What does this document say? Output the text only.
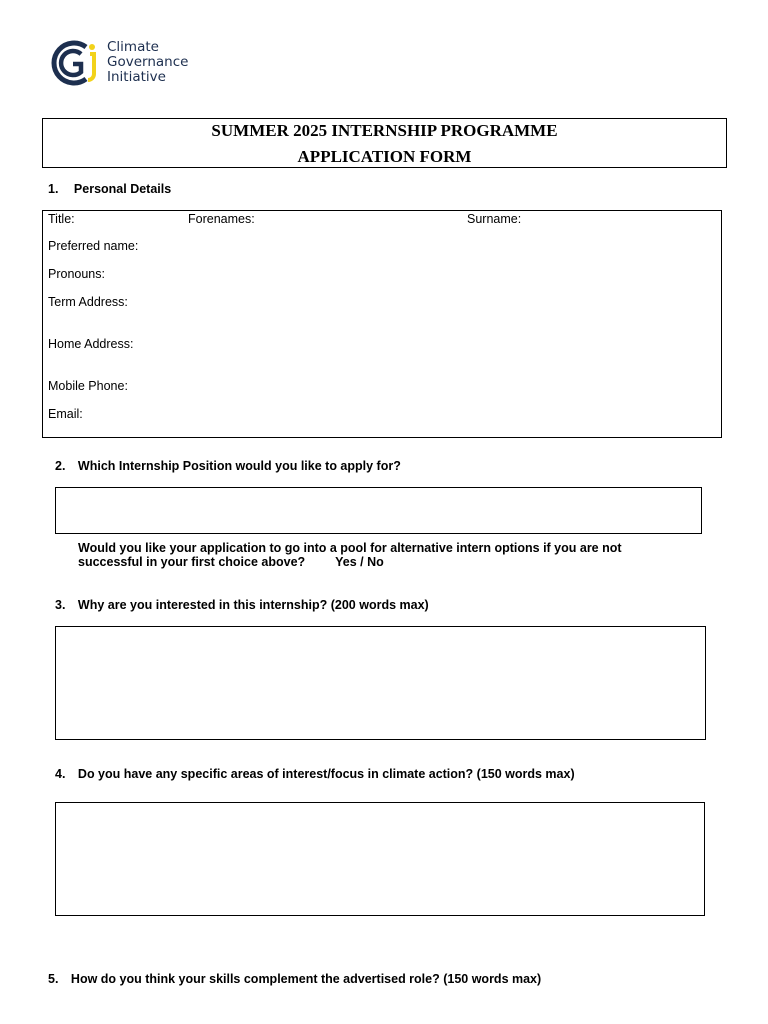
Climate
Governance
Initiative
SUMMER 2025 INTERNSHIP PROGRAMME
APPLICATION FORM
1. Personal Details
Title:	Forenames:	Surname:
Preferred name:
Pronouns:
Term Address:
Home Address:
Mobile Phone:
Email:
2. Which Internship Position would you like to apply for?
Would you like your application to go into a pool for alternative intern options if you are not successful in your first choice above? Yes / No
3. Why are you interested in this internship? (200 words max)
4. Do you have any specific areas of interest/focus in climate action? (150 words max)
5. How do you think your skills complement the advertised role? (150 words max)
